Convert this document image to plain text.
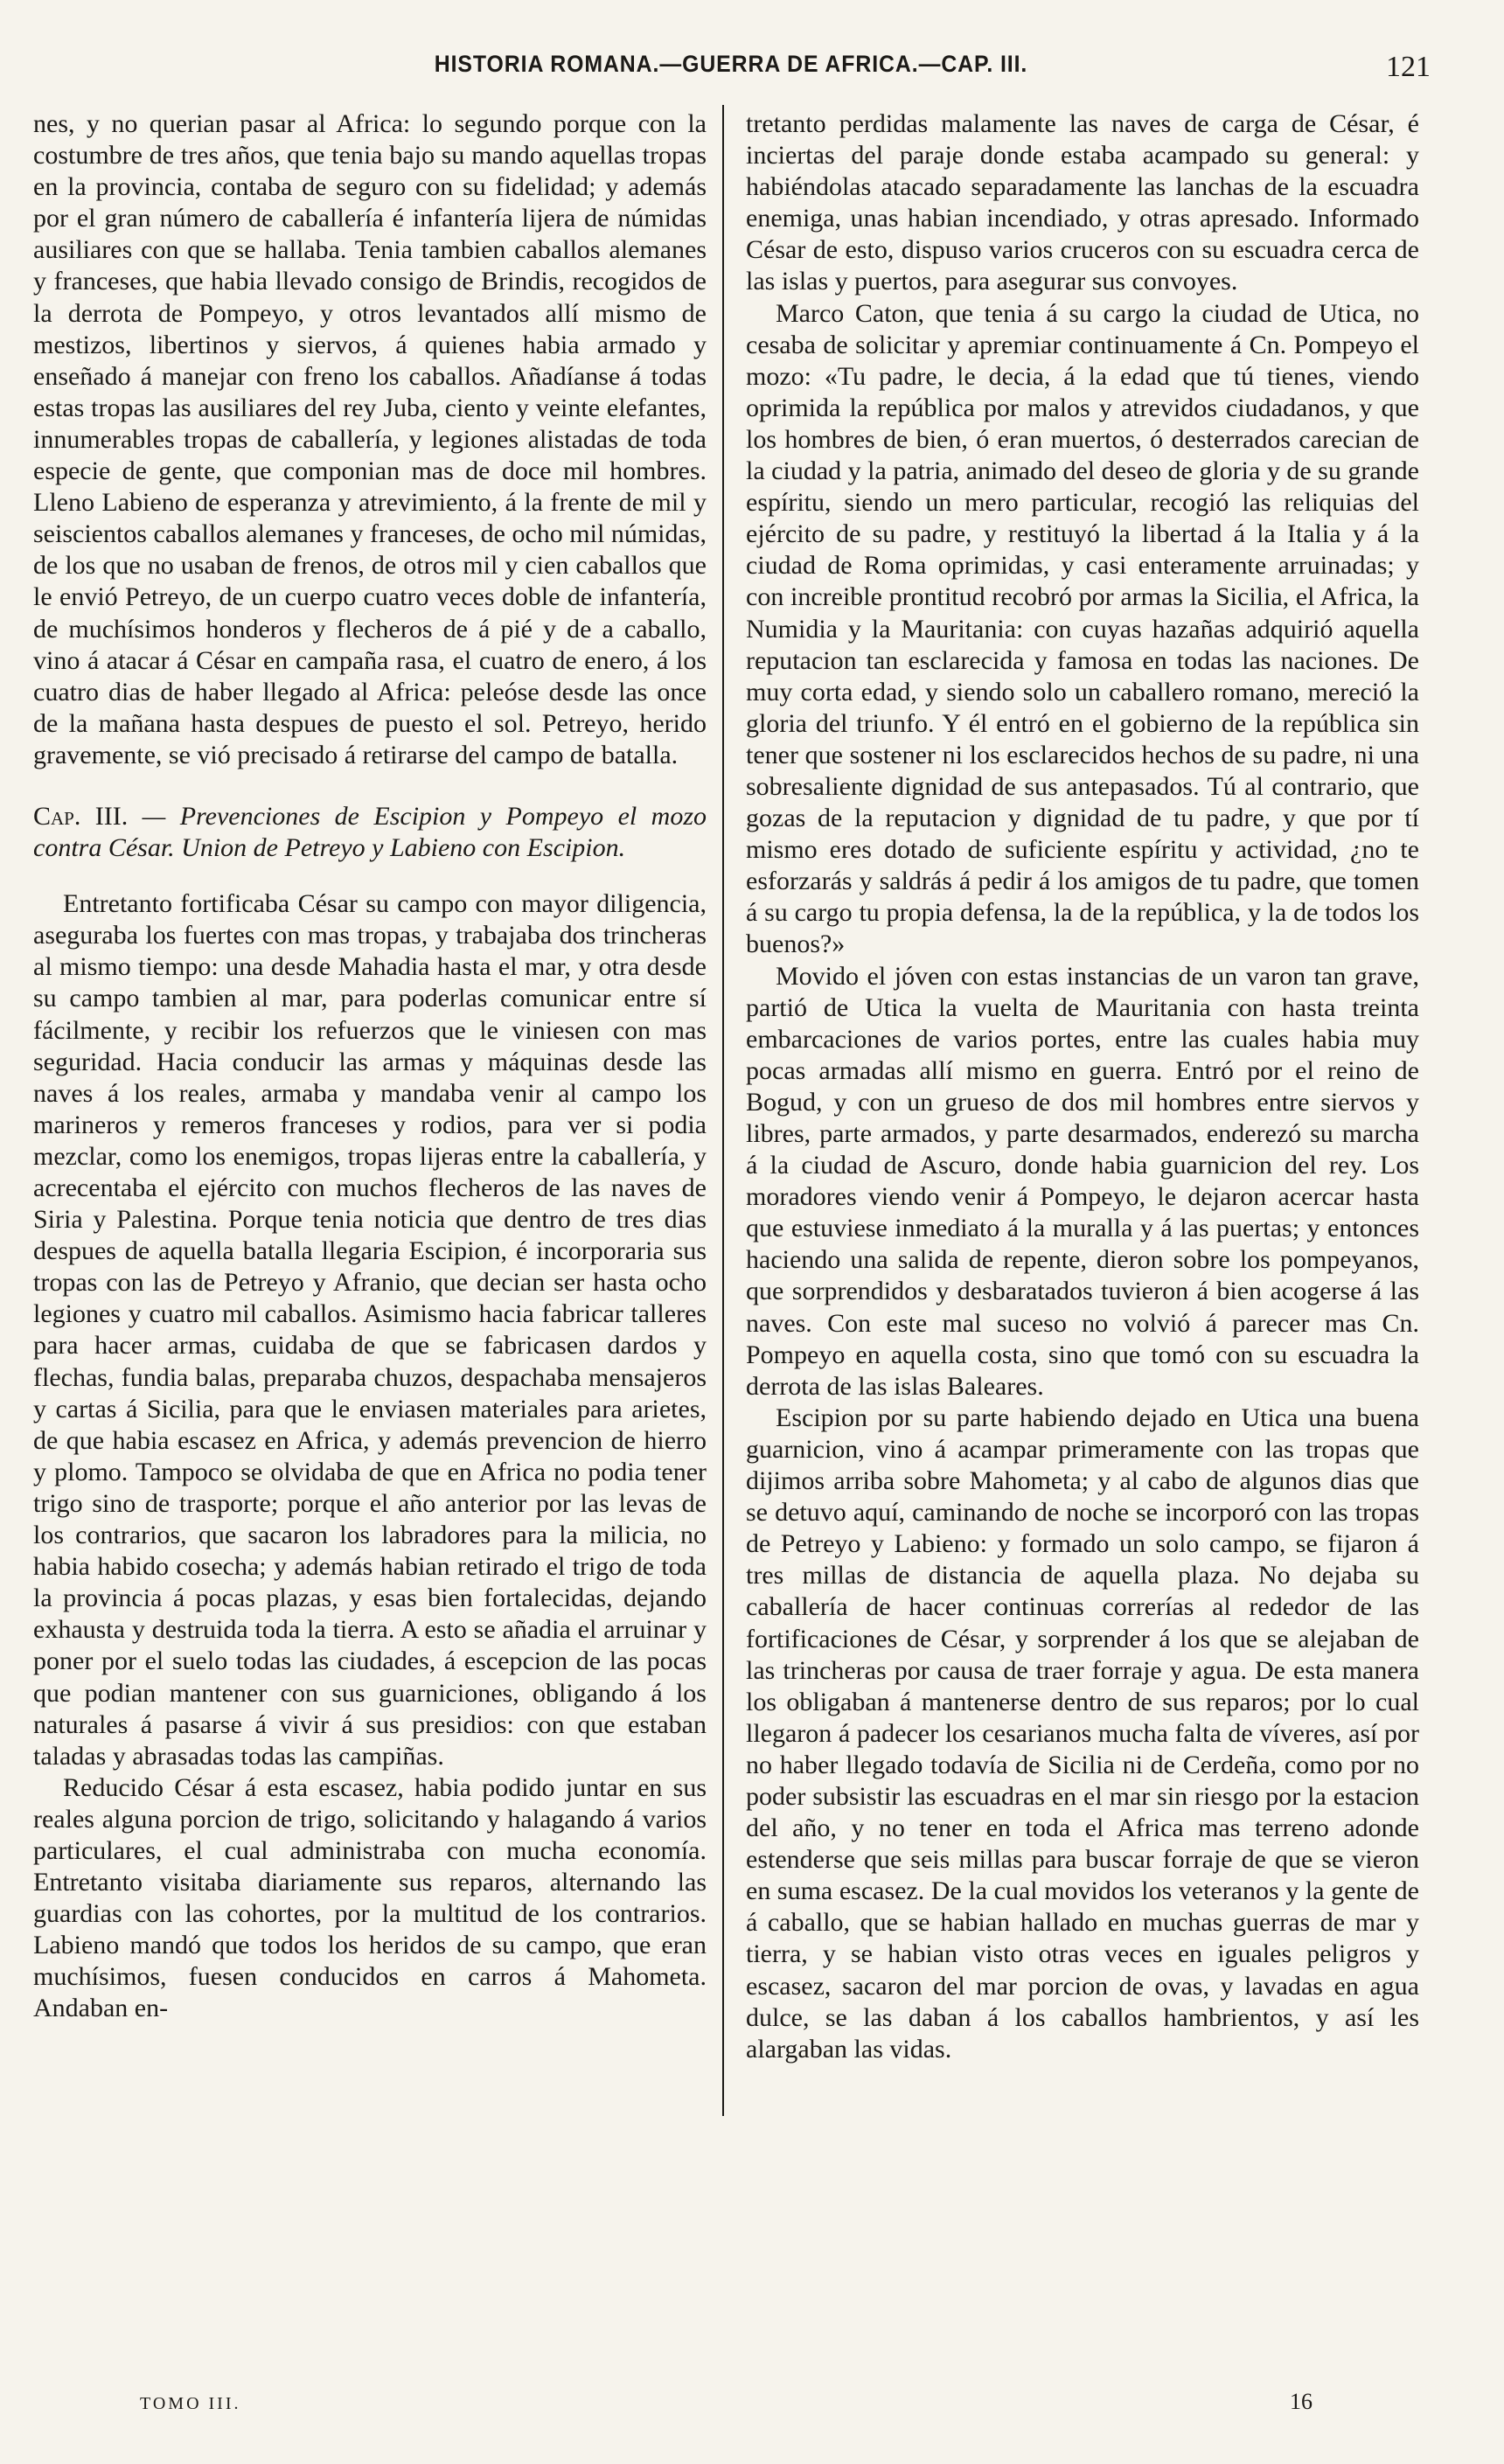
HISTORIA ROMANA.—GUERRA DE AFRICA.—CAP. III.	121

nes, y no querian pasar al Africa: lo segundo porque con la costumbre de tres años, que tenia bajo su mando aquellas tropas en la provincia, contaba de seguro con su fidelidad; y además por el gran número de caballería é infantería lijera de númidas ausiliares con que se hallaba. Tenia tambien caballos alemanes y franceses, que habia llevado consigo de Brindis, recogidos de la derrota de Pompeyo, y otros levantados allí mismo de mestizos, libertinos y siervos, á quienes habia armado y enseñado á manejar con freno los caballos. Añadíanse á todas estas tropas las ausiliares del rey Juba, ciento y veinte elefantes, innumerables tropas de caballería, y legiones alistadas de toda especie de gente, que componian mas de doce mil hombres. Lleno Labieno de esperanza y atrevimiento, á la frente de mil y seiscientos caballos alemanes y franceses, de ocho mil númidas, de los que no usaban de frenos, de otros mil y cien caballos que le envió Petreyo, de un cuerpo cuatro veces doble de infantería, de muchísimos honderos y flecheros de á pié y de a caballo, vino á atacar á César en campaña rasa, el cuatro de enero, á los cuatro dias de haber llegado al Africa: peleóse desde las once de la mañana hasta despues de puesto el sol. Petreyo, herido gravemente, se vió precisado á retirarse del campo de batalla.

Cap. III. — Prevenciones de Escipion y Pompeyo el mozo contra César. Union de Petreyo y Labieno con Escipion.

Entretanto fortificaba César su campo con mayor diligencia, aseguraba los fuertes con mas tropas, y trabajaba dos trincheras al mismo tiempo: una desde Mahadia hasta el mar, y otra desde su campo tambien al mar, para poderlas comunicar entre sí fácilmente, y recibir los refuerzos que le viniesen con mas seguridad. Hacia conducir las armas y máquinas desde las naves á los reales, armaba y mandaba venir al campo los marineros y remeros franceses y rodios, para ver si podia mezclar, como los enemigos, tropas lijeras entre la caballería, y acrecentaba el ejército con muchos flecheros de las naves de Siria y Palestina. Porque tenia noticia que dentro de tres dias despues de aquella batalla llegaria Escipion, é incorporaria sus tropas con las de Petreyo y Afranio, que decian ser hasta ocho legiones y cuatro mil caballos. Asimismo hacia fabricar talleres para hacer armas, cuidaba de que se fabricasen dardos y flechas, fundia balas, preparaba chuzos, despachaba mensajeros y cartas á Sicilia, para que le enviasen materiales para arietes, de que habia escasez en Africa, y además prevencion de hierro y plomo. Tampoco se olvidaba de que en Africa no podia tener trigo sino de trasporte; porque el año anterior por las levas de los contrarios, que sacaron los labradores para la milicia, no habia habido cosecha; y además habian retirado el trigo de toda la provincia á pocas plazas, y esas bien fortalecidas, dejando exhausta y destruida toda la tierra. A esto se añadia el arruinar y poner por el suelo todas las ciudades, á escepcion de las pocas que podian mantener con sus guarniciones, obligando á los naturales á pasarse á vivir á sus presidios: con que estaban taladas y abrasadas todas las campiñas.

Reducido César á esta escasez, habia podido juntar en sus reales alguna porcion de trigo, solicitando y halagando á varios particulares, el cual administraba con mucha economía. Entretanto visitaba diariamente sus reparos, alternando las guardias con las cohortes, por la multitud de los contrarios. Labieno mandó que todos los heridos de su campo, que eran muchísimos, fuesen conducidos en carros á Mahometa. Andaban en-

tretanto perdidas malamente las naves de carga de César, é inciertas del paraje donde estaba acampado su general: y habiéndolas atacado separadamente las lanchas de la escuadra enemiga, unas habian incendiado, y otras apresado. Informado César de esto, dispuso varios cruceros con su escuadra cerca de las islas y puertos, para asegurar sus convoyes.

Marco Caton, que tenia á su cargo la ciudad de Utica, no cesaba de solicitar y apremiar continuamente á Cn. Pompeyo el mozo: «Tu padre, le decia, á la edad que tú tienes, viendo oprimida la república por malos y atrevidos ciudadanos, y que los hombres de bien, ó eran muertos, ó desterrados carecian de la ciudad y la patria, animado del deseo de gloria y de su grande espíritu, siendo un mero particular, recogió las reliquias del ejército de su padre, y restituyó la libertad á la Italia y á la ciudad de Roma oprimidas, y casi enteramente arruinadas; y con increible prontitud recobró por armas la Sicilia, el Africa, la Numidia y la Mauritania: con cuyas hazañas adquirió aquella reputacion tan esclarecida y famosa en todas las naciones. De muy corta edad, y siendo solo un caballero romano, mereció la gloria del triunfo. Y él entró en el gobierno de la república sin tener que sostener ni los esclarecidos hechos de su padre, ni una sobresaliente dignidad de sus antepasados. Tú al contrario, que gozas de la reputacion y dignidad de tu padre, y que por tí mismo eres dotado de suficiente espíritu y actividad, ¿no te esforzarás y saldrás á pedir á los amigos de tu padre, que tomen á su cargo tu propia defensa, la de la república, y la de todos los buenos?»

Movido el jóven con estas instancias de un varon tan grave, partió de Utica la vuelta de Mauritania con hasta treinta embarcaciones de varios portes, entre las cuales habia muy pocas armadas allí mismo en guerra. Entró por el reino de Bogud, y con un grueso de dos mil hombres entre siervos y libres, parte armados, y parte desarmados, enderezó su marcha á la ciudad de Ascuro, donde habia guarnicion del rey. Los moradores viendo venir á Pompeyo, le dejaron acercar hasta que estuviese inmediato á la muralla y á las puertas; y entonces haciendo una salida de repente, dieron sobre los pompeyanos, que sorprendidos y desbaratados tuvieron á bien acogerse á las naves. Con este mal suceso no volvió á parecer mas Cn. Pompeyo en aquella costa, sino que tomó con su escuadra la derrota de las islas Baleares.

Escipion por su parte habiendo dejado en Utica una buena guarnicion, vino á acampar primeramente con las tropas que dijimos arriba sobre Mahometa; y al cabo de algunos dias que se detuvo aquí, caminando de noche se incorporó con las tropas de Petreyo y Labieno: y formado un solo campo, se fijaron á tres millas de distancia de aquella plaza. No dejaba su caballería de hacer continuas correrías al rededor de las fortificaciones de César, y sorprender á los que se alejaban de las trincheras por causa de traer forraje y agua. De esta manera los obligaban á mantenerse dentro de sus reparos; por lo cual llegaron á padecer los cesarianos mucha falta de víveres, así por no haber llegado todavía de Sicilia ni de Cerdeña, como por no poder subsistir las escuadras en el mar sin riesgo por la estacion del año, y no tener en toda el Africa mas terreno adonde estenderse que seis millas para buscar forraje de que se vieron en suma escasez. De la cual movidos los veteranos y la gente de á caballo, que se habian hallado en muchas guerras de mar y tierra, y se habian visto otras veces en iguales peligros y escasez, sacaron del mar porcion de ovas, y lavadas en agua dulce, se las daban á los caballos hambrientos, y así les alargaban las vidas.

TOMO III.	16
